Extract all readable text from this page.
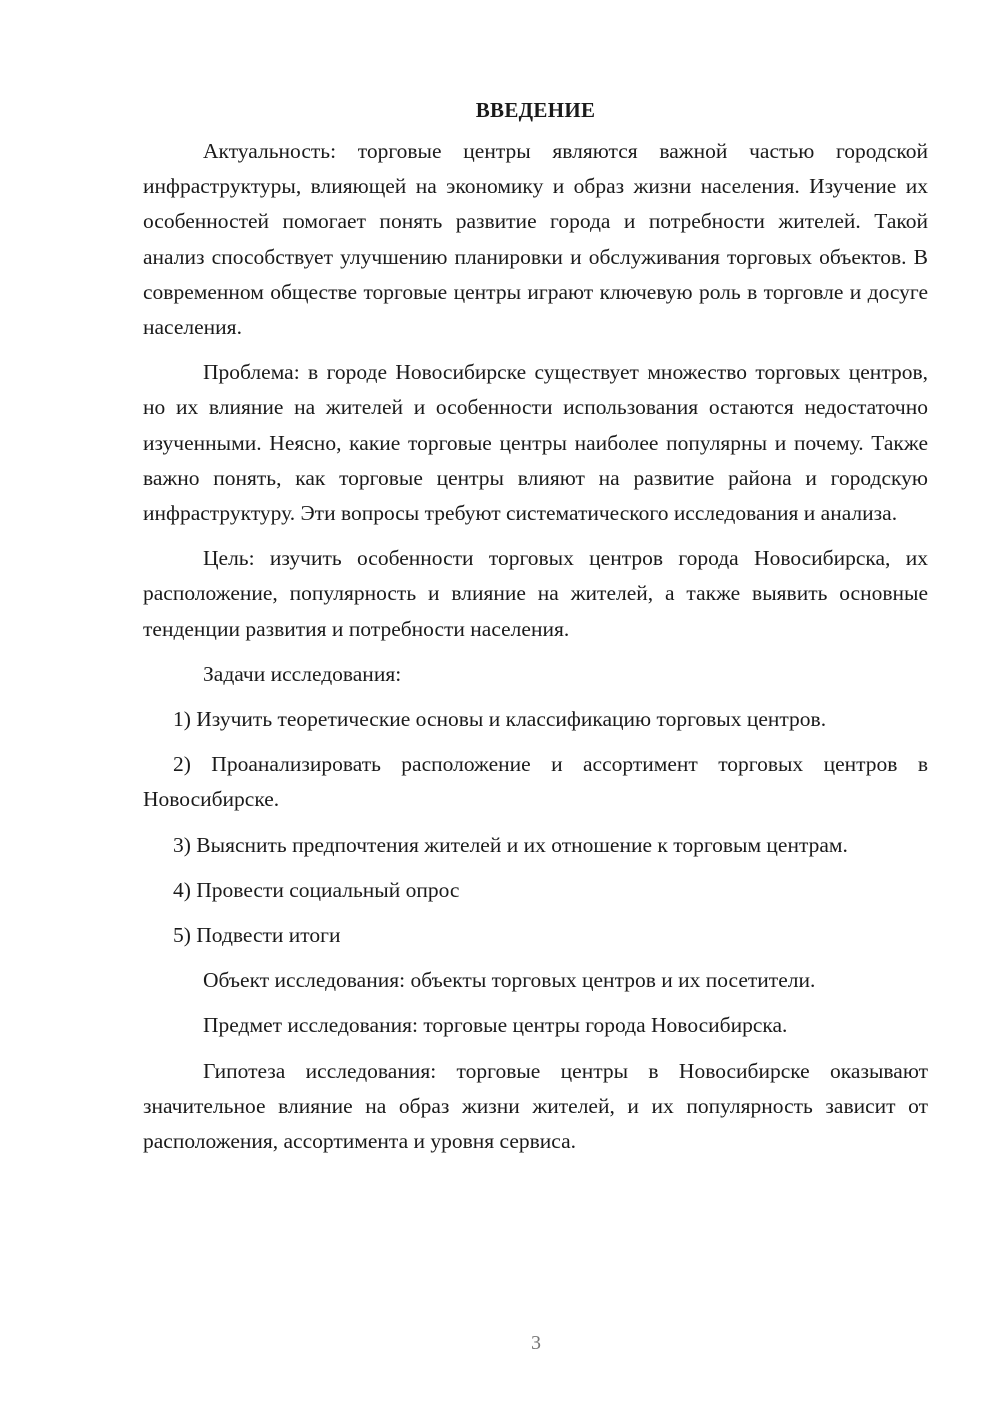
ВВЕДЕНИЕ

Актуальность: торговые центры являются важной частью городской инфраструктуры, влияющей на экономику и образ жизни населения. Изучение их особенностей помогает понять развитие города и потребности жителей. Такой анализ способствует улучшению планировки и обслуживания торговых объектов. В современном обществе торговые центры играют ключевую роль в торговле и досуге населения.

Проблема: в городе Новосибирске существует множество торговых центров, но их влияние на жителей и особенности использования остаются недостаточно изученными. Неясно, какие торговые центры наиболее популярны и почему. Также важно понять, как торговые центры влияют на развитие района и городскую инфраструктуру. Эти вопросы требуют систематического исследования и анализа.

Цель: изучить особенности торговых центров города Новосибирска, их расположение, популярность и влияние на жителей, а также выявить основные тенденции развития и потребности населения.

Задачи исследования:

1) Изучить теоретические основы и классификацию торговых центров.

2) Проанализировать расположение и ассортимент торговых центров в Новосибирске.

3) Выяснить предпочтения жителей и их отношение к торговым центрам.

4) Провести социальный опрос

5) Подвести итоги

Объект исследования: объекты торговых центров и их посетители.

Предмет исследования: торговые центры города Новосибирска.

Гипотеза исследования: торговые центры в Новосибирске оказывают значительное влияние на образ жизни жителей, и их популярность зависит от расположения, ассортимента и уровня сервиса.

3
